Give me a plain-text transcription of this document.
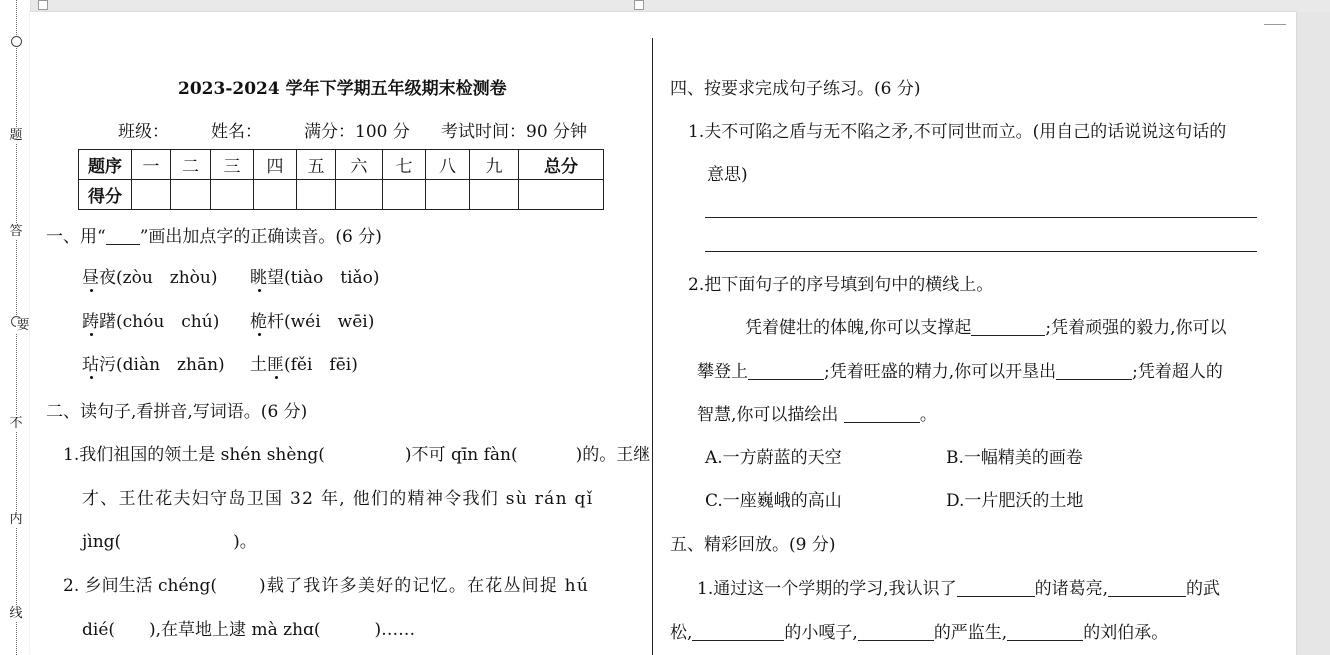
题
答
要
不
内
线
2023-2024 学年下学期五年级期末检测卷
班级： 姓名： 满分：100 分 考试时间：90 分钟
题序	一	二	三	四	五	六	七	八	九	总分
得分										
一、用“ ”画出加点字的正确读音。(6 分)
昼夜(zòu　zhòu) 眺望(tiào　tiǎo)
踌躇(chóu　chú) 桅杆(wéi　wēi)
玷污(diàn　zhān) 土匪(fěi　fēi)
二、读句子,看拼音,写词语。(6 分)
1.我们祖国的领土是 shén shèng(	)不可 qīn fàn(	)的。王继
才、王仕花夫妇守岛卫国 32 年, 他们的精神令我们 sù rán qǐ
jìng(	)。
2. 乡间生活 chéng( )载了我许多美好的记忆。在花丛间捉 hú
dié( ),在草地上逮 mà zhɑ(	)……
四、按要求完成句子练习。(6 分)
1.夫不可陷之盾与无不陷之矛,不可同世而立。(用自己的话说说这句话的
意思)
2.把下面句子的序号填到句中的横线上。
凭着健壮的体魄,你可以支撑起	;凭着顽强的毅力,你可以
攀登上	;凭着旺盛的精力,你可以开垦出	;凭着超人的
智慧,你可以描绘出	。
A.一方蔚蓝的天空	B.一幅精美的画卷
C.一座巍峨的高山	D.一片肥沃的土地
五、精彩回放。(9 分)
1.通过这一个学期的学习,我认识了	的诸葛亮,	的武
松,	的小嘎子,	的严监生,	的刘伯承。
